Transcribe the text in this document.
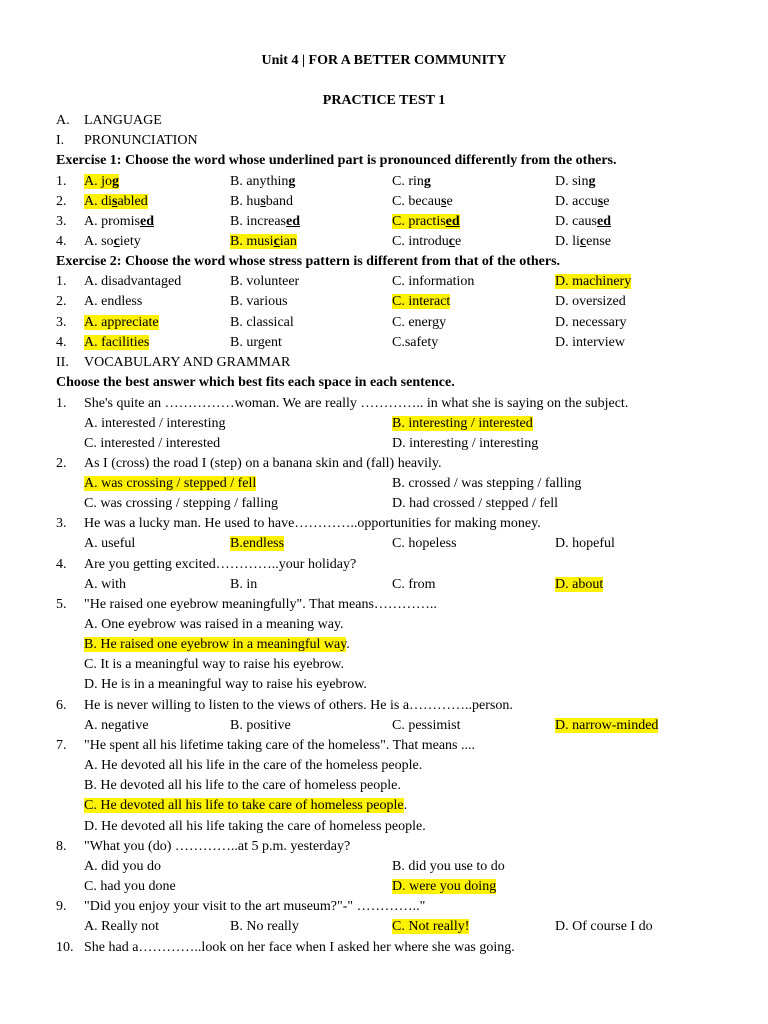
Unit 4 | FOR A BETTER COMMUNITY
PRACTICE TEST 1
A. LANGUAGE
I. PRONUNCIATION
Exercise 1: Choose the word whose underlined part is pronounced differently from the others.
1. A. jog	B. anything	C. ring	D. sing
2. A. disabled	B. husband	C. because	D. accuse
3. A. promised	B. increased	C. practised	D. caused
4. A. society	B. musician	C. introduce	D. license
Exercise 2: Choose the word whose stress pattern is different from that of the others.
1. A. disadvantaged	B. volunteer	C. information	D. machinery
2. A. endless	B. various	C. interact	D. oversized
3. A. appreciate	B. classical	C. energy	D. necessary
4. A. facilities	B. urgent	C.safety	D. interview
II. VOCABULARY AND GRAMMAR
Choose the best answer which best fits each space in each sentence.
1. She's quite an ……………woman. We are really ………….. in what she is saying on the subject.
A. interested / interesting	B. interesting / interested
C. interested / interested	D. interesting / interesting
2. As I (cross) the road I (step) on a banana skin and (fall) heavily.
A. was crossing / stepped / fell	B. crossed / was stepping / falling
C. was crossing / stepping / falling	D. had crossed / stepped / fell
3. He was a lucky man. He used to have…………..opportunities for making money.
A. useful	B.endless	C. hopeless	D. hopeful
4. Are you getting excited…………..your holiday?
A. with	B. in	C. from	D. about
5. "He raised one eyebrow meaningfully". That means…………..
A. One eyebrow was raised in a meaning way.
B. He raised one eyebrow in a meaningful way.
C. It is a meaningful way to raise his eyebrow.
D. He is in a meaningful way to raise his eyebrow.
6. He is never willing to listen to the views of others. He is a…………..person.
A. negative	B. positive	C. pessimist	D. narrow-minded
7. "He spent all his lifetime taking care of the homeless". That means ....
A. He devoted all his life in the care of the homeless people.
B. He devoted all his life to the care of homeless people.
C. He devoted all his life to take care of homeless people.
D. He devoted all his life taking the care of homeless people.
8. "What you (do) …………..at 5 p.m. yesterday?
A. did you do	B. did you use to do
C. had you done	D. were you doing
9. "Did you enjoy your visit to the art museum?"-" ………….."
A. Really not	B. No really	C. Not really!	D. Of course I do
10. She had a…………..look on her face when I asked her where she was going.
